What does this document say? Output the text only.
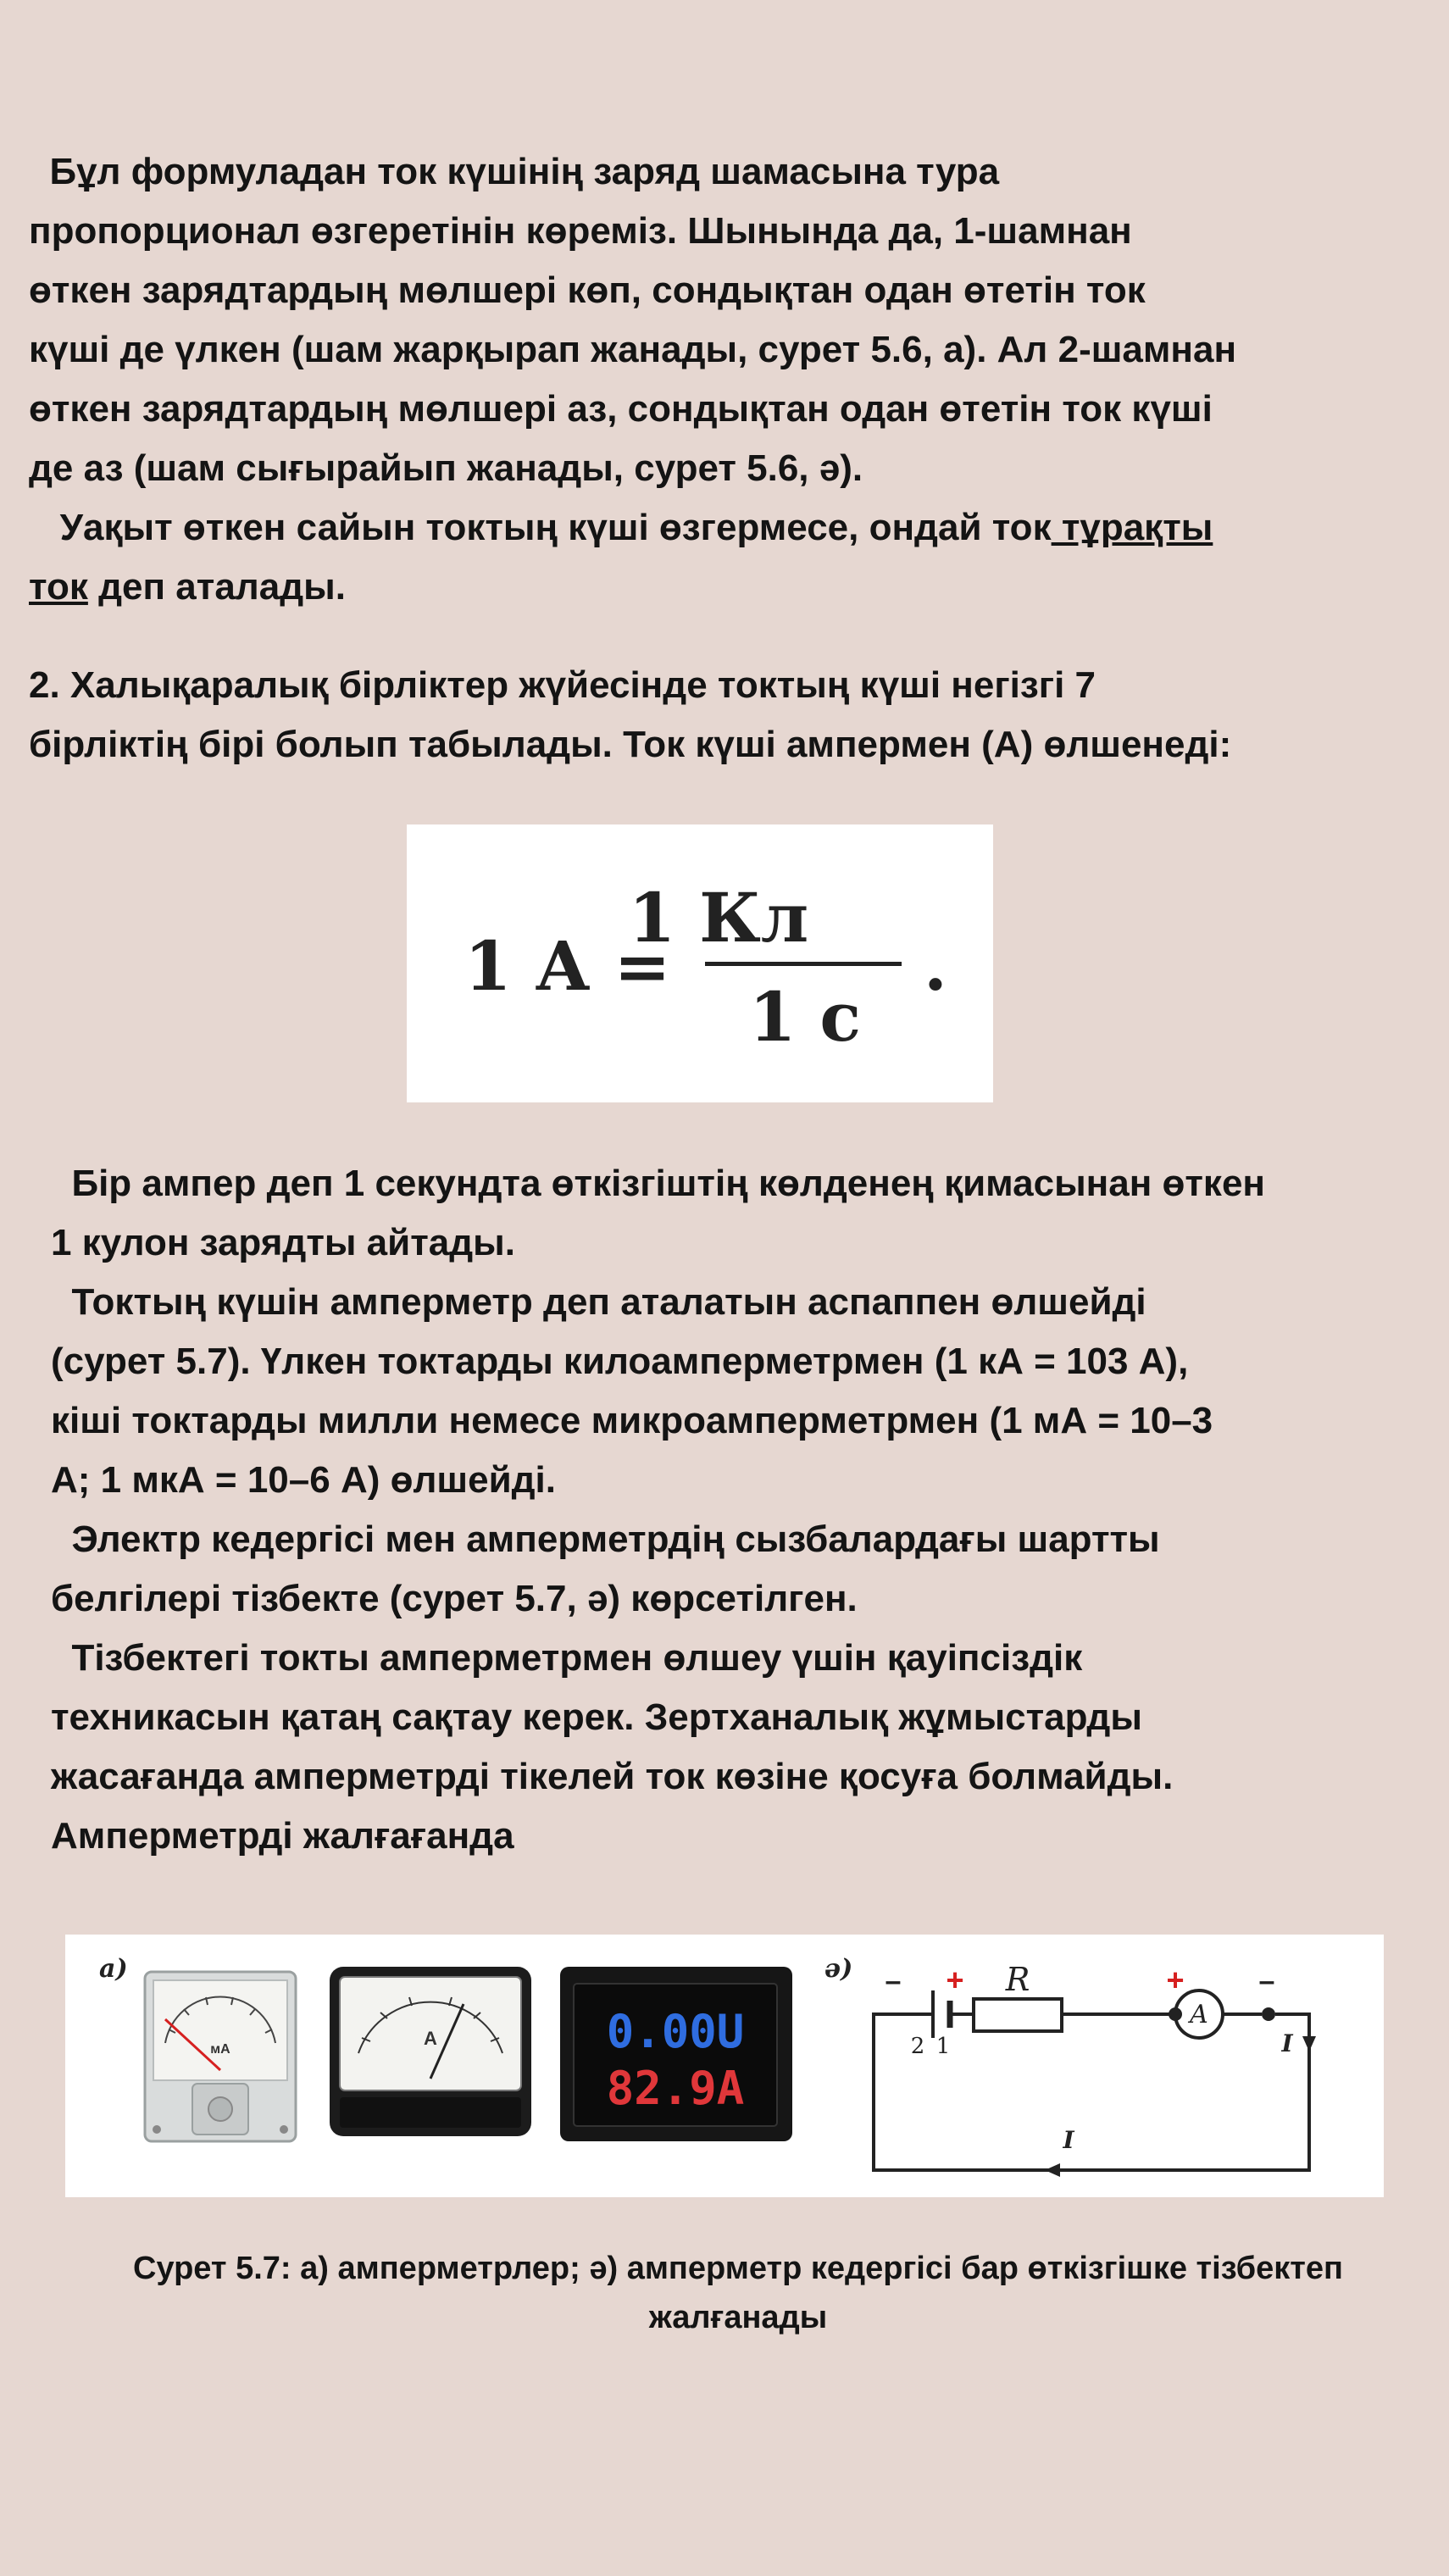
Бұл формуладан ток күшінің заряд шамасына тура

пропорционал өзгеретінін көреміз. Шынында да, 1-шамнан

өткен зарядтардың мөлшері көп, сондықтан одан өтетін ток

күші де үлкен (шам жарқырап жанады, сурет 5.6, а). Ал 2-шамнан

өткен зарядтардың мөлшері аз, сондықтан одан өтетін ток күші

де аз (шам сығырайып жанады, сурет 5.6, ә).

Уақыт өткен сайын токтың күші өзгермесе, ондай ток тұрақты

ток деп аталады.

2. Халықаралық бірліктер жүйесінде токтың күші негізгі 7

бірліктің бірі болып табылады. Ток күші ампермен (А) өлшенеді:

1 А =
1 Кл
1 с
.

Бір ампер деп 1 секундта өткізгіштің көлденең қимасынан өткен

1 кулон зарядты айтады.

Токтың күшін амперметр деп аталатын аспаппен өлшейді

(сурет 5.7). Үлкен токтарды килоамперметрмен (1 кА = 103 А),

кіші токтарды милли немесе микроамперметрмен (1 мА = 10–3

А; 1 мкА = 10–6 А) өлшейді.

Электр кедергісі мен амперметрдің сызбалардағы шартты

белгілері тізбекте (сурет 5.7, ә) көрсетілген.

Тізбектегі токты амперметрмен өлшеу үшін қауіпсіздік

техникасын қатаң сақтау керек. Зертханалық жұмыстарды

жасағанда амперметрді тікелей ток көзіне қосуға болмайды.

Амперметрді жалғағанда

а)
мА
A	0.00U
82.9A
ә) – + R	+
A
–
2 1	I
I
Сурет 5.7: а) амперметрлер; ә) амперметр кедергісі бар өткізгішке тізбектеп
жалғанады
